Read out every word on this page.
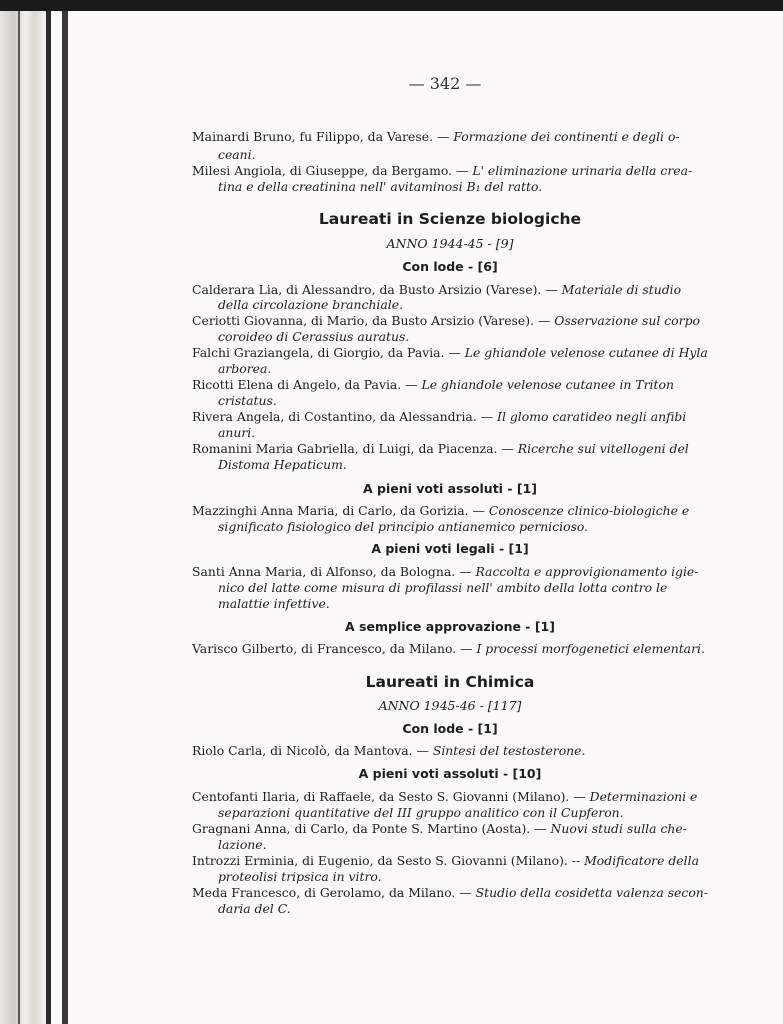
— 342 —
Mainardi Bruno, fu Filippo, da Varese. — Formazione dei continenti e degli o-
ceani.
Milesi Angiola, di Giuseppe, da Bergamo. — L' eliminazione urinaria della crea-
tina e della creatinina nell' avitaminosi B₁ del ratto.
Laureati in Scienze biologiche
ANNO 1944-45 - [9]
Con lode - [6]
Calderara Lia, di Alessandro, da Busto Arsizio (Varese). — Materiale di studio
della circolazione branchiale.
Ceriotti Giovanna, di Mario, da Busto Arsizio (Varese). — Osservazione sul corpo
coroideo di Cerassius auratus.
Falchi Graziangela, di Giorgio, da Pavia. — Le ghiandole velenose cutanee di Hyla
arborea.
Ricotti Elena di Angelo, da Pavia. — Le ghiandole velenose cutanee in Triton
cristatus.
Rivera Angela, di Costantino, da Alessandria. — Il glomo caratideo negli anfibi
anuri.
Romanini Maria Gabriella, di Luigi, da Piacenza. — Ricerche sui vitellogeni del
Distoma Hepaticum.
A pieni voti assoluti - [1]
Mazzinghi Anna Maria, di Carlo, da Gorizia. — Conoscenze clinico-biologiche e
significato fisiologico del principio antianemico pernicioso.
A pieni voti legali - [1]
Santi Anna Maria, di Alfonso, da Bologna. — Raccolta e approvigionamento igie-
nico del latte come misura di profilassi nell' ambito della lotta contro le
malattie infettive.
A semplice approvazione - [1]
Varisco Gilberto, di Francesco, da Milano. — I processi morfogenetici elementari.
Laureati in Chimica
ANNO 1945-46 - [117]
Con lode - [1]
Riolo Carla, di Nicolò, da Mantova. — Sintesi del testosterone.
A pieni voti assoluti - [10]
Centofanti Ilaria, di Raffaele, da Sesto S. Giovanni (Milano). — Determinazioni e
separazioni quantitative del III gruppo analitico con il Cupferon.
Gragnani Anna, di Carlo, da Ponte S. Martino (Aosta). — Nuovi studi sulla che-
lazione.
Introzzi Erminia, di Eugenio, da Sesto S. Giovanni (Milano). -- Modificatore della
proteolisi tripsica in vitro.
Meda Francesco, di Gerolamo, da Milano. — Studio della cosidetta valenza secon-
daria del C.
